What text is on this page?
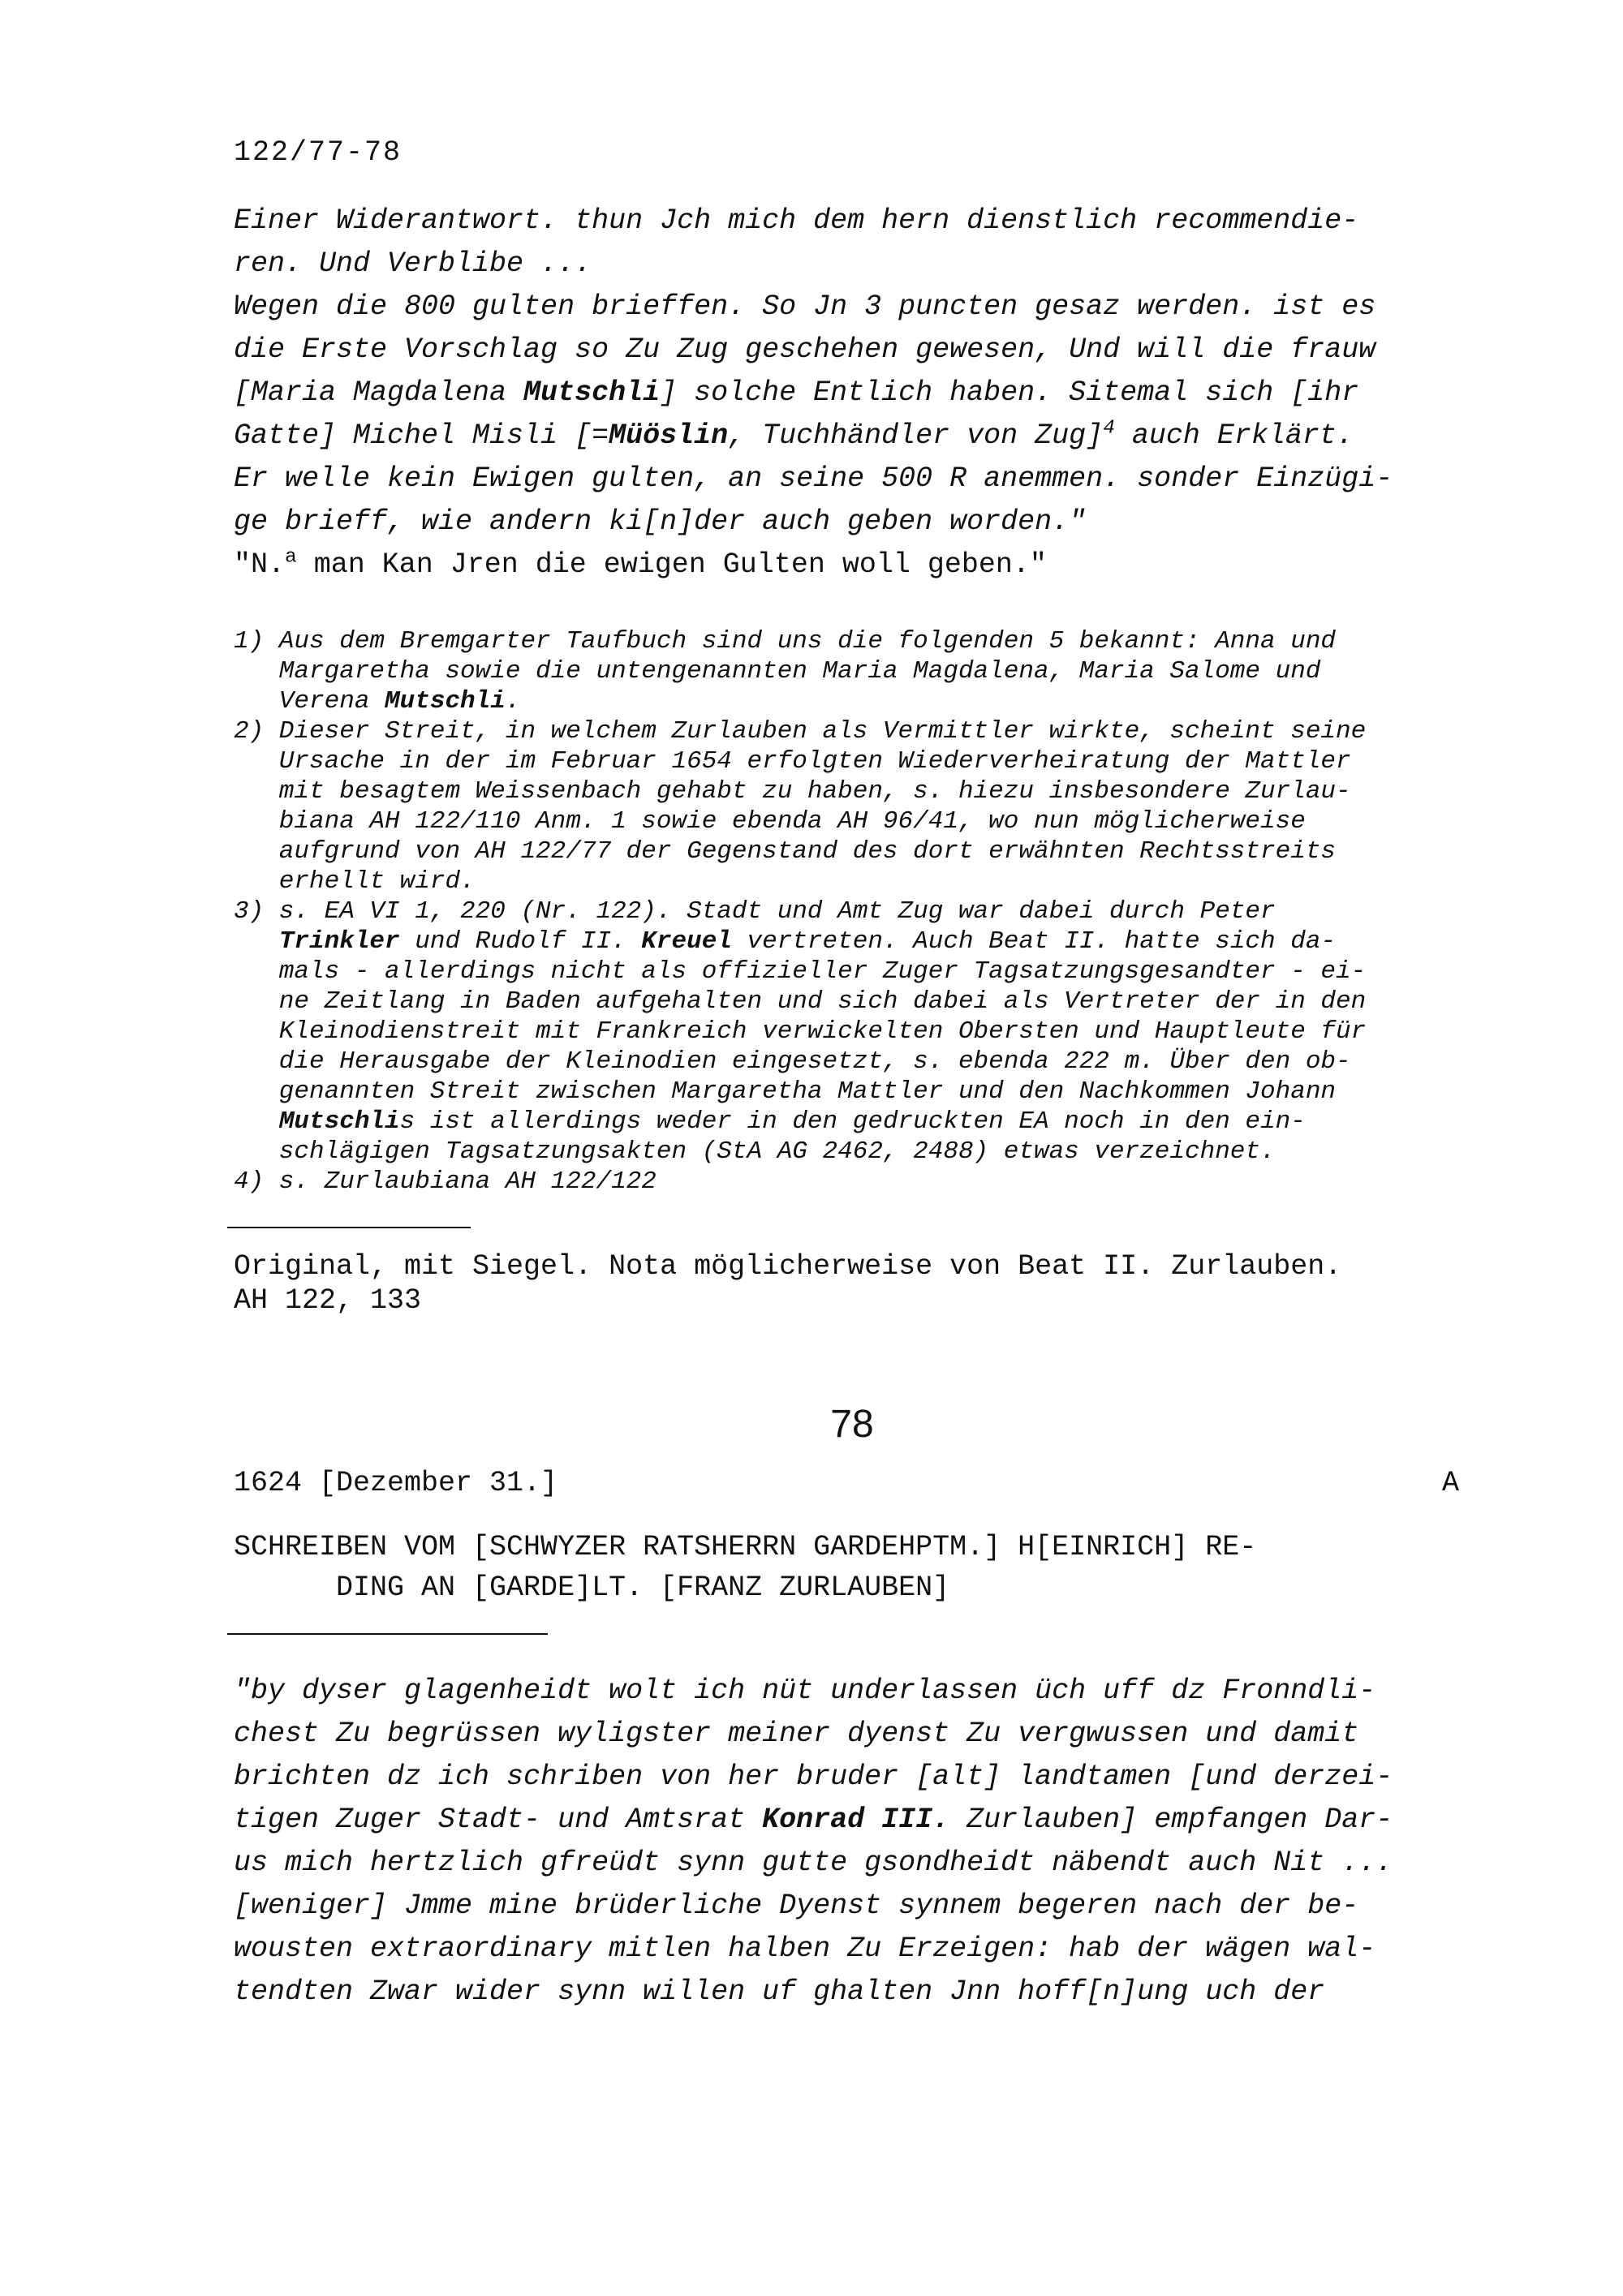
122/77-78
Einer Widerantwort. thun Jch mich dem hern dienstlich recommendie-
ren. Und Verblibe ...
Wegen die 800 gulten brieffen. So Jn 3 puncten gesaz werden. ist es
die Erste Vorschlag so Zu Zug geschehen gewesen, Und will die frauw
[Maria Magdalena Mutschli] solche Entlich haben. Sitemal sich [ihr
Gatte] Michel Misli [=Müöslin, Tuchhändler von Zug]$^4$ auch Erklärt.
Er welle kein Ewigen gulten, an seine 500 R anemmen. sonder Einzügi-
ge brieff, wie andern ki[n]der auch geben worden."
"N.$^a$ man Kan Jren die ewigen Gulten woll geben."
1) Aus dem Bremgarter Taufbuch sind uns die folgenden 5 bekannt: Anna und
Margaretha sowie die untengenannten Maria Magdalena, Maria Salome und
Verena Mutschli.
2) Dieser Streit, in welchem Zurlauben als Vermittler wirkte, scheint seine
Ursache in der im Februar 1654 erfolgten Wiederverheiratung der Mattler
mit besagtem Weissenbach gehabt zu haben, s. hiezu insbesondere Zurlau-
biana AH 122/110 Anm. 1 sowie ebenda AH 96/41, wo nun möglicherweise
aufgrund von AH 122/77 der Gegenstand des dort erwähnten Rechtsstreits
erhellt wird.
3) s. EA VI 1, 220 (Nr. 122). Stadt und Amt Zug war dabei durch Peter
Trinkler und Rudolf II. Kreuel vertreten. Auch Beat II. hatte sich da-
mals - allerdings nicht als offizieller Zuger Tagsatzungsgesandter - ei-
ne Zeitlang in Baden aufgehalten und sich dabei als Vertreter der in den
Kleinodienstreit mit Frankreich verwickelten Obersten und Hauptleute für
die Herausgabe der Kleinodien eingesetzt, s. ebenda 222 m. Über den ob-
genannten Streit zwischen Margaretha Mattler und den Nachkommen Johann
Mutschlis ist allerdings weder in den gedruckten EA noch in den ein-
schlägigen Tagsatzungsakten (StA AG 2462, 2488) etwas verzeichnet.
4) s. Zurlaubiana AH 122/122
Original, mit Siegel. Nota möglicherweise von Beat II. Zurlauben.
AH 122, 133
78
1624 [Dezember 31.]	A
SCHREIBEN VOM [SCHWYZER RATSHERRN GARDEHPTM.] H[EINRICH] RE-
DING AN [GARDE]LT. [FRANZ ZURLAUBEN]
"by dyser glagenheidt wolt ich nüt underlassen üch uff dz Fronndli-
chest Zu begrüssen wyligster meiner dyenst Zu vergwussen und damit
brichten dz ich schriben von her bruder [alt] landtamen [und derzei-
tigen Zuger Stadt- und Amtsrat Konrad III. Zurlauben] empfangen Dar-
us mich hertzlich gfreüdt synn gutte gsondheidt näbendt auch Nit ...
[weniger] Jmme mine brüderliche Dyenst synnem begeren nach der be-
wousten extraordinary mitlen halben Zu Erzeigen: hab der wägen wal-
tendten Zwar wider synn willen uf ghalten Jnn hoff[n]ung uch der
